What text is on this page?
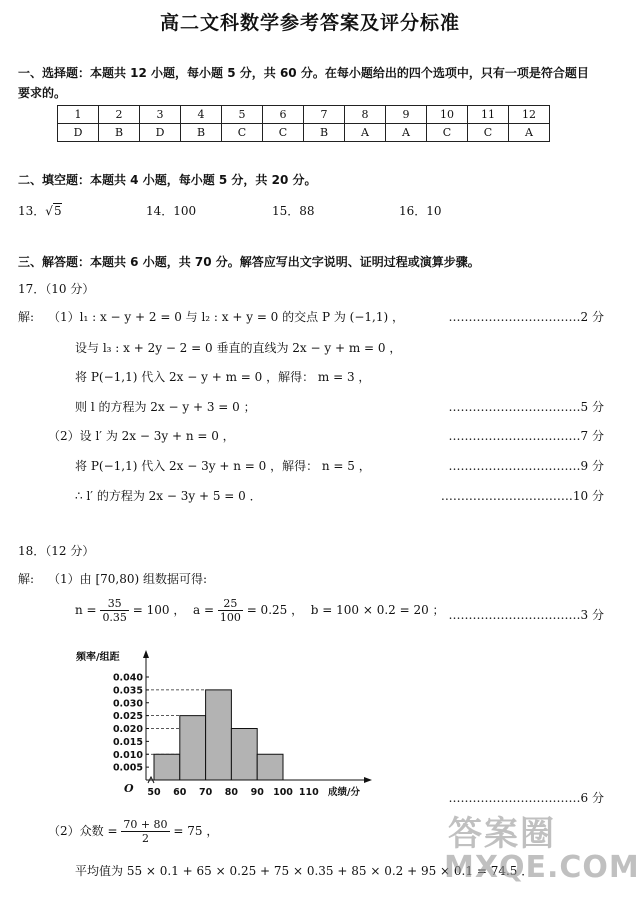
高二文科数学参考答案及评分标准
一、选择题：本题共 12 小题，每小题 5 分，共 60 分。在每小题给出的四个选项中，只有一项是符合题目
要求的。
1	2	3	4	5	6	7	8	9	10	11	12
D	B	D	B	C	C	B	A	A	C	C	A
二、填空题：本题共 4 小题，每小题 5 分，共 20 分。
13．√5	14．100	15．88	16．10
三、解答题：本题共 6 小题，共 70 分。解答应写出文字说明、证明过程或演算步骤。
17．（10 分）
解: （1）l₁ : x − y + 2 = 0 与 l₂ : x + y = 0 的交点 P 为 (−1,1) ，
设与 l₃ : x + 2y − 2 = 0 垂直的直线为 2x − y + m = 0 ，
将 P(−1,1) 代入 2x − y + m = 0 ，解得： m = 3 ，
则 l 的方程为 2x − y + 3 = 0 ；
（2）设 l′ 为 2x − 3y + n = 0 ，
将 P(−1,1) 代入 2x − 3y + n = 0 ，解得： n = 5 ，
∴ l′ 的方程为 2x − 3y + 5 = 0 ．
……………………………2 分
……………………………5 分
……………………………7 分
……………………………9 分
……………………………10 分
18．（12 分）
解: （1）由 [70,80) 组数据可得:
$n = \frac{35}{0.35} = 100$ ， $a = \frac{25}{100} = 0.25$ ， b = 100 × 0.2 = 20 ； ……………………………3 分
0.005
0.010
0.015
0.020
0.025
0.030
0.035
0.040
50 60 70 80 90 100 110
频率/组距
成绩/分
O
……………………………6 分
（2）众数 = $\frac{70 + 80}{2} = 75$ ，
平均值为 55 × 0.1 + 65 × 0.25 + 75 × 0.35 + 85 × 0.2 + 95 × 0.1 = 74.5 ．
答案圈
MXQE.COM
